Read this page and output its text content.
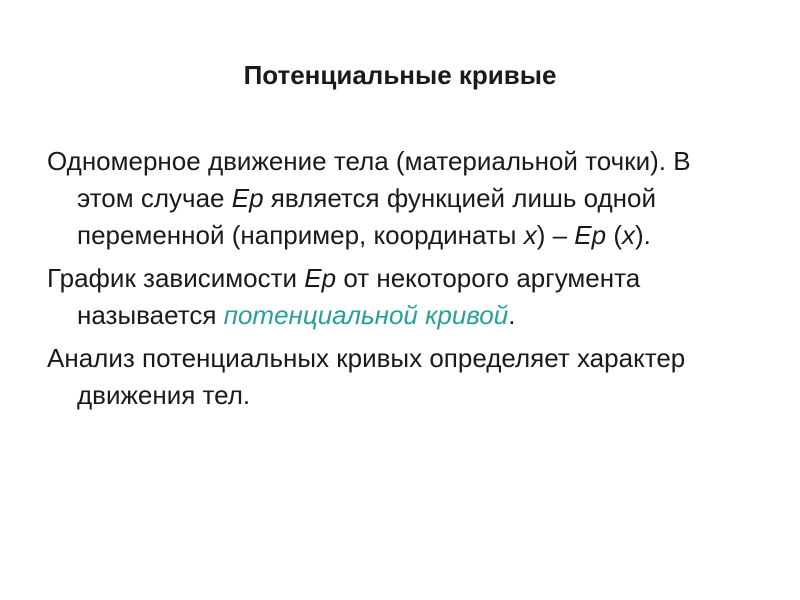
Потенциальные кривые

Одномерное движение тела (материальной точки). В этом случае Ep является функцией лишь одной переменной (например, координаты x) – Ep (x).

График зависимости Ep от некоторого аргумента называется потенциальной кривой.

Анализ потенциальных кривых определяет характер движения тел.
